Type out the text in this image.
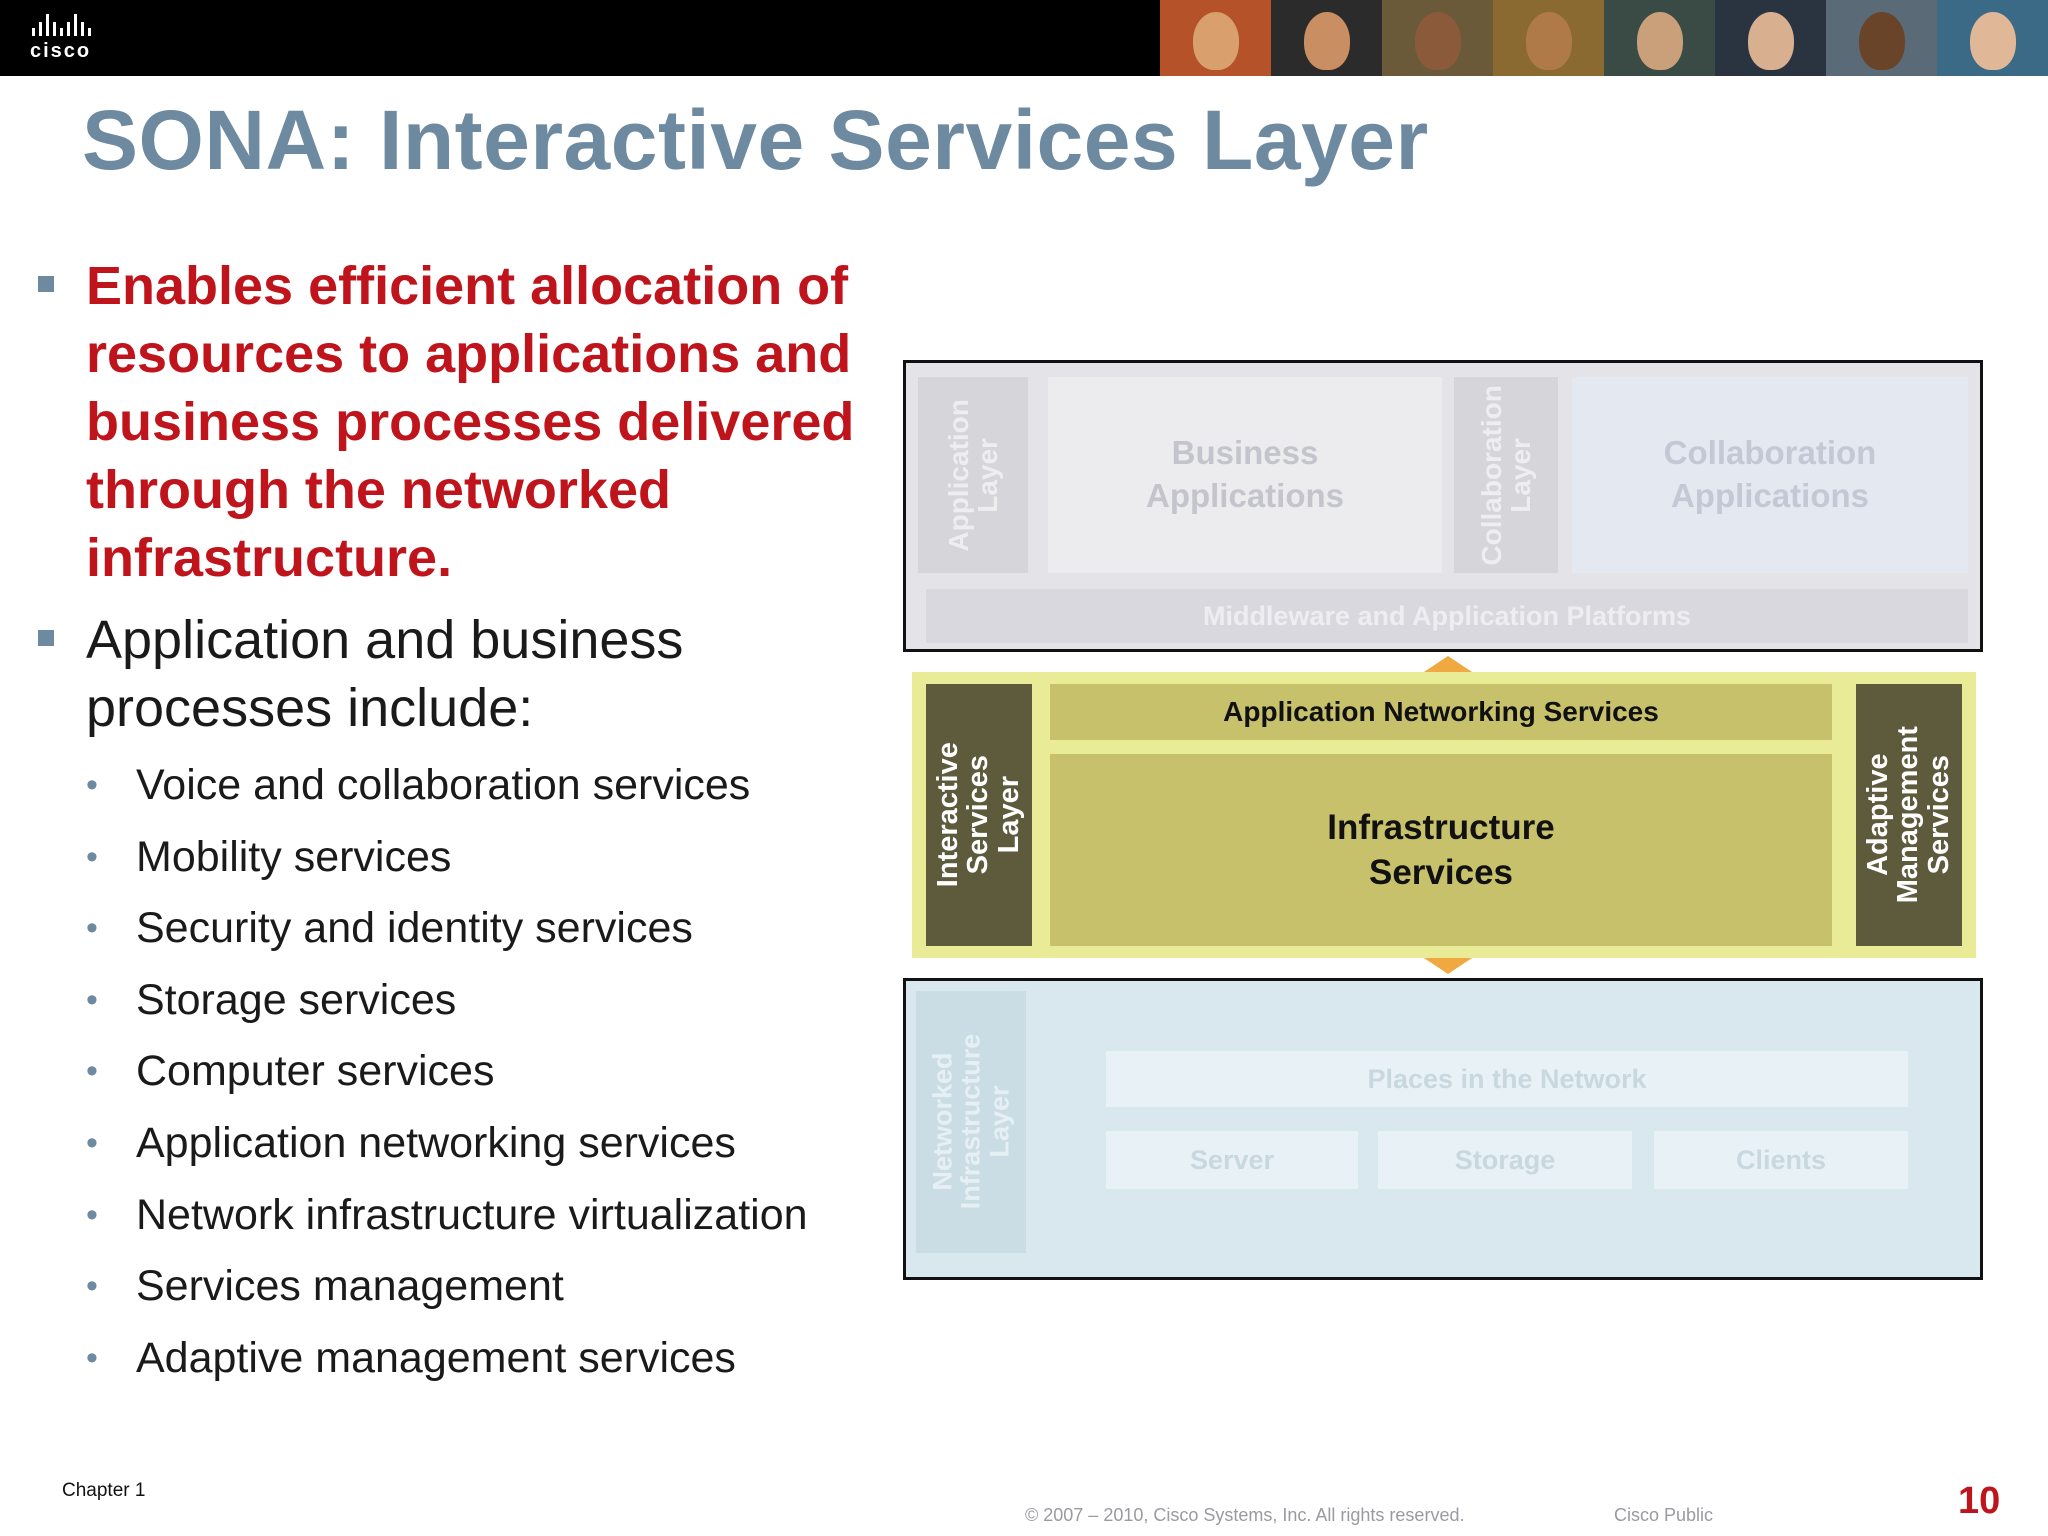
cisco
SONA: Interactive Services Layer
Enables efficient allocation of resources to applications and business processes delivered through the networked infrastructure.
Application and business processes include:
• Voice and collaboration services
• Mobility services
• Security and identity services
• Storage services
• Computer services
• Application networking services
• Network infrastructure virtualization
• Services management
• Adaptive management services
Application
Layer	Business
Applications	Collaboration
Layer	Collaboration
Applications
Middleware and Application Platforms
Interactive
Services
Layer
Application Networking Services
Infrastructure
Services	Adaptive
Management
Services
Networked
Infrastructure
Layer
Places in the Network
Server	Storage	Clients
Chapter 1
© 2007 – 2010, Cisco Systems, Inc. All rights reserved.	Cisco Public	10
